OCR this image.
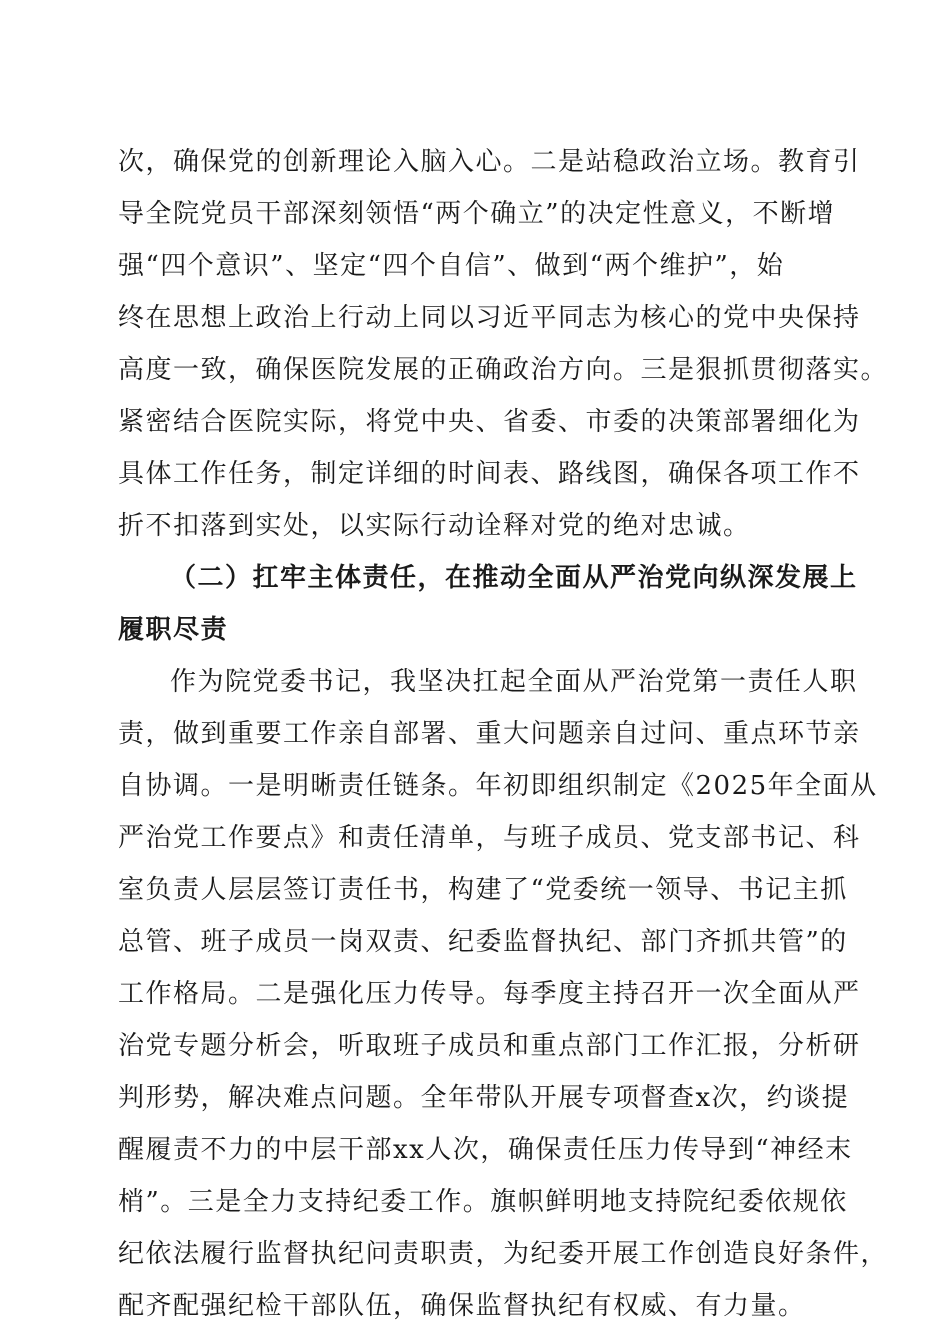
次，确保党的创新理论入脑入心。二是站稳政治立场。教育引
导全院党员干部深刻领悟“两个确立”的决定性意义，不断增
强“四个意识”、坚定“四个自信”、做到“两个维护”，始
终在思想上政治上行动上同以习近平同志为核心的党中央保持
高度一致，确保医院发展的正确政治方向。三是狠抓贯彻落实。
紧密结合医院实际，将党中央、省委、市委的决策部署细化为
具体工作任务，制定详细的时间表、路线图，确保各项工作不
折不扣落到实处，以实际行动诠释对党的绝对忠诚。
（二）扛牢主体责任，在推动全面从严治党向纵深发展上
履职尽责
作为院党委书记，我坚决扛起全面从严治党第一责任人职
责，做到重要工作亲自部署、重大问题亲自过问、重点环节亲
自协调。一是明晰责任链条。年初即组织制定《2025年全面从
严治党工作要点》和责任清单，与班子成员、党支部书记、科
室负责人层层签订责任书，构建了“党委统一领导、书记主抓
总管、班子成员一岗双责、纪委监督执纪、部门齐抓共管”的
工作格局。二是强化压力传导。每季度主持召开一次全面从严
治党专题分析会，听取班子成员和重点部门工作汇报，分析研
判形势，解决难点问题。全年带队开展专项督查x次，约谈提
醒履责不力的中层干部xx人次，确保责任压力传导到“神经末
梢”。三是全力支持纪委工作。旗帜鲜明地支持院纪委依规依
纪依法履行监督执纪问责职责，为纪委开展工作创造良好条件，
配齐配强纪检干部队伍，确保监督执纪有权威、有力量。
